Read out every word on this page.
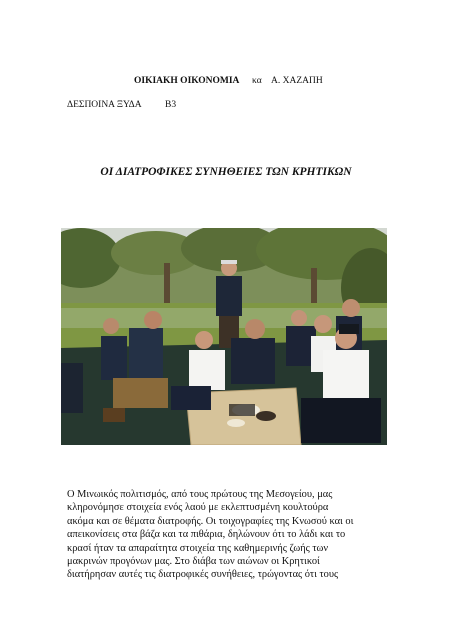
ΟΙΚΙΑΚΗ ΟΙΚΟΝΟΜΙΑ κα Α. ΧΑΖΑΠΗ
ΔΕΣΠΟΙΝΑ ΞΥΔΑ Β3
ΟΙ ΔΙΑΤΡΟΦΙΚΕΣ ΣΥΝΗΘΕΙΕΣ ΤΩΝ ΚΡΗΤΙΚΩΝ
Ο Μινωικός πολιτισμός, από τους πρώτους της Μεσογείου, μας
κληρονόμησε στοιχεία ενός λαού με εκλεπτυσμένη κουλτούρα
ακόμα και σε θέματα διατροφής. Οι τοιχογραφίες της Κνωσού και οι
απεικονίσεις στα βάζα και τα πιθάρια, δηλώνουν ότι το λάδι και το
κρασί ήταν τα απαραίτητα στοιχεία της καθημερινής ζωής των
μακρινών προγόνων μας. Στο διάβα των αιώνων οι Κρητικοί
διατήρησαν αυτές τις διατροφικές συνήθειες, τρώγοντας ότι τους
